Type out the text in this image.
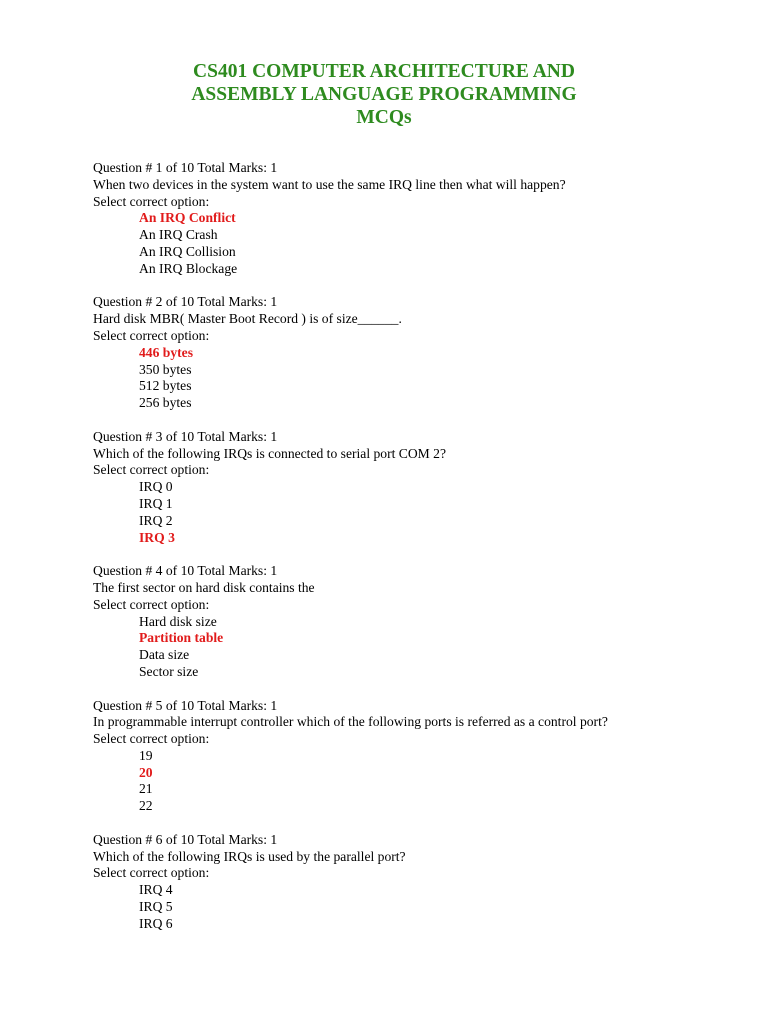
CS401 COMPUTER ARCHITECTURE AND
ASSEMBLY LANGUAGE PROGRAMMING
MCQs
Question # 1 of 10 Total Marks: 1
When two devices in the system want to use the same IRQ line then what will happen?
Select correct option:
An IRQ Conflict
An IRQ Crash
An IRQ Collision
An IRQ Blockage
Question # 2 of 10 Total Marks: 1
Hard disk MBR( Master Boot Record ) is of size______.
Select correct option:
446 bytes
350 bytes
512 bytes
256 bytes
Question # 3 of 10 Total Marks: 1
Which of the following IRQs is connected to serial port COM 2?
Select correct option:
IRQ 0
IRQ 1
IRQ 2
IRQ 3
Question # 4 of 10 Total Marks: 1
The first sector on hard disk contains the
Select correct option:
Hard disk size
Partition table
Data size
Sector size
Question # 5 of 10 Total Marks: 1
In programmable interrupt controller which of the following ports is referred as a control port?
Select correct option:
19
20
21
22
Question # 6 of 10 Total Marks: 1
Which of the following IRQs is used by the parallel port?
Select correct option:
IRQ 4
IRQ 5
IRQ 6
